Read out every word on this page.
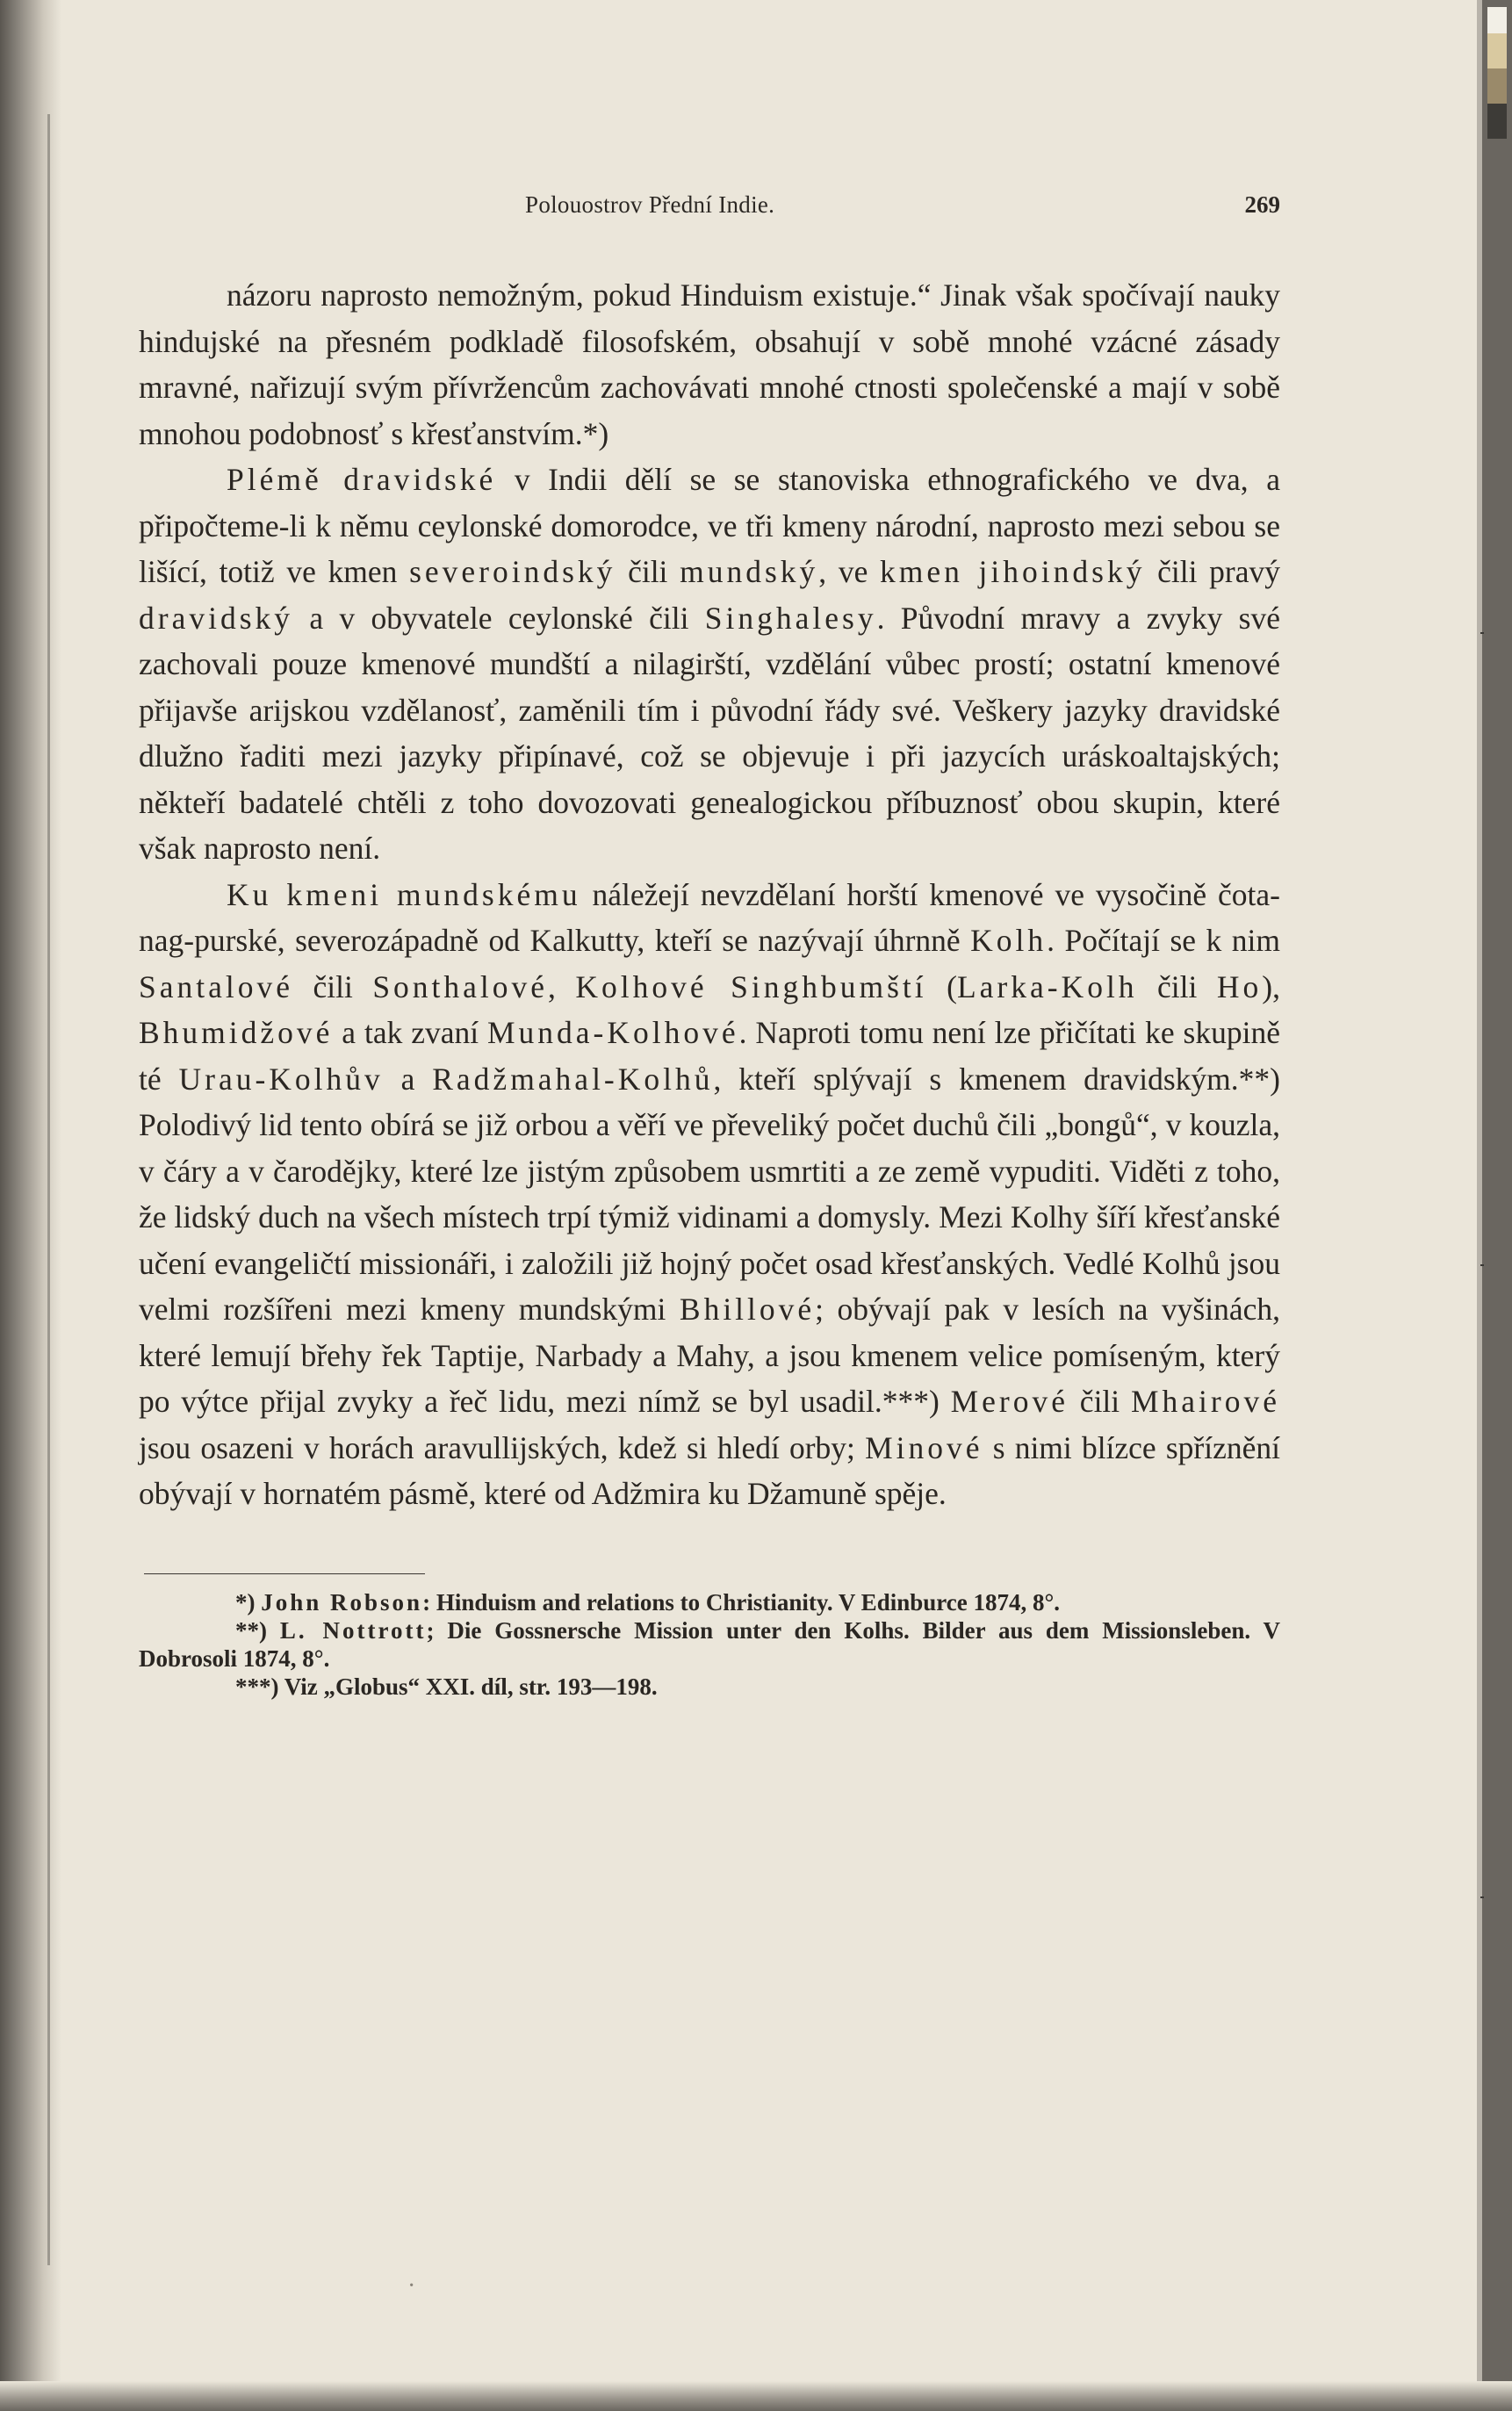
Polouostrov Přední Indie.	269

názoru naprosto nemožným, pokud Hinduism existuje.“ Jinak však spočívají nauky hindujské na přesném podkladě filosofském, obsahují v sobě mnohé vzácné zásady mravné, nařizují svým přívržencům zachovávati mnohé ctnosti společenské a mají v sobě mnohou podobnosť s křesťanstvím.*)

Plémě dravidské v Indii dělí se se stanoviska ethnografického ve dva, a připočteme-li k němu ceylonské domorodce, ve tři kmeny národní, naprosto mezi sebou se lišící, totiž ve kmen severoindský čili mundský, ve kmen jihoindský čili pravý dravidský a v obyvatele ceylonské čili Singhalesy. Původní mravy a zvyky své zachovali pouze kmenové mundští a nilagirští, vzdělání vůbec prostí; ostatní kmenové přijavše arijskou vzdělanosť, zaměnili tím i původní řády své. Veškery jazyky dravidské dlužno řaditi mezi jazyky připínavé, což se objevuje i při jazycích uráskoaltajských; někteří badatelé chtěli z toho dovozovati genealogickou příbuznosť obou skupin, které však naprosto není.

Ku kmeni mundskému náležejí nevzdělaní horští kmenové ve vysočině čota-nag-purské, severozápadně od Kalkutty, kteří se nazývají úhrnně Kolh. Počítají se k nim Santalové čili Sonthalové, Kolhové Singhbumští (Larka-Kolh čili Ho), Bhumidžové a tak zvaní Munda-Kolhové. Naproti tomu není lze přičítati ke skupině té Urau-Kolhův a Radžmahal-Kolhů, kteří splývají s kmenem dravidským.**) Polodivý lid tento obírá se již orbou a věří ve převeliký počet duchů čili „bongů“, v kouzla, v čáry a v čarodějky, které lze jistým způsobem usmrtiti a ze země vypuditi. Viděti z toho, že lidský duch na všech místech trpí týmiž vidinami a domysly. Mezi Kolhy šíří křesťanské učení evangeličtí missionáři, i založili již hojný počet osad křesťanských. Vedlé Kolhů jsou velmi rozšířeni mezi kmeny mundskými Bhillové; obývají pak v lesích na vyšinách, které lemují břehy řek Taptije, Narbady a Mahy, a jsou kmenem velice pomíseným, který po výtce přijal zvyky a řeč lidu, mezi nímž se byl usadil.***) Merové čili Mhairové jsou osazeni v horách aravullijských, kdež si hledí orby; Minové s nimi blízce spříznění obývají v hornatém pásmě, které od Adžmira ku Džamuně spěje.

*) John Robson: Hinduism and relations to Christianity. V Edinburce 1874, 8°.

**) L. Nottrott; Die Gossnersche Mission unter den Kolhs. Bilder aus dem Missionsleben. V Dobrosoli 1874, 8°.

***) Viz „Globus“ XXI. díl, str. 193—198.

·
